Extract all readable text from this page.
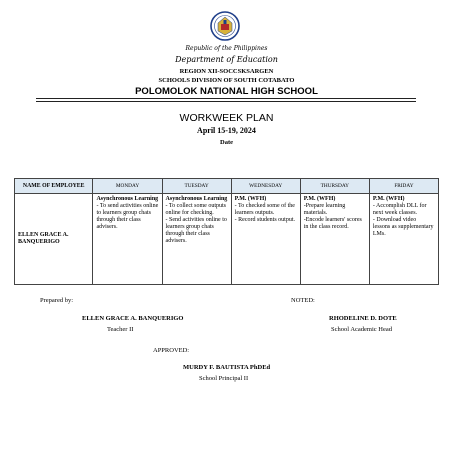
Republic of the Philippines
Department of Education
REGION XII-SOCCSKSARGEN
SCHOOLS DIVISION OF SOUTH COTABATO
POLOMOLOK NATIONAL HIGH SCHOOL
WORKWEEK PLAN
April 15-19, 2024
Date
NAME OF EMPLOYEE	MONDAY	TUESDAY	WEDNESDAY	THURSDAY	FRIDAY
ELLEN GRACE A. BANQUERIGO	Asynchronous Learning
- To send activities online to learners group chats through their class advisers.	Asynchronous Learning
- To collect some outputs online for checking.
- Send activities online to learners group chats through their class advisers.	P.M. (WFH)
- To checked some of the learners outputs.
- Record students output.	P.M. (WFH)
-Prepare learning materials.
-Encode learners' scores in the class record.	P.M. (WFH)
- Accomplish DLL for next week classes.
- Download video lessons as supplementary LMs.
Prepared by:
ELLEN GRACE A. BANQUERIGO
Teacher II
NOTED:
RHODELINE D. DOTE
School Academic Head
APPROVED:
MURDY F. BAUTISTA PhDEd
School Principal II
